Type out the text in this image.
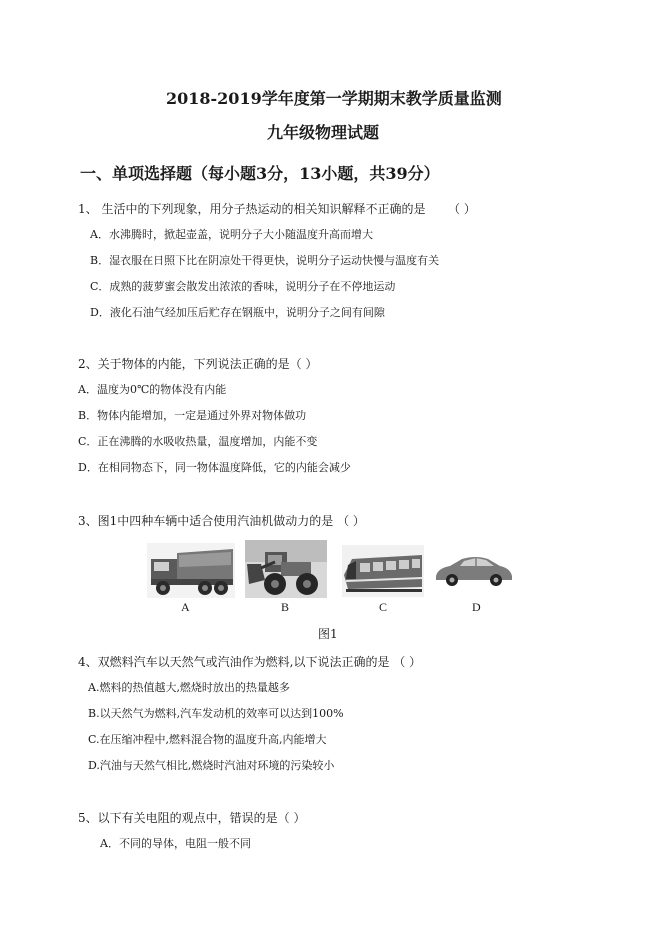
2018-2019学年度第一学期期末教学质量监测
九年级物理试题
一、单项选择题（每小题3分，13小题，共39分）
1、 生活中的下列现象，用分子热运动的相关知识解释不正确的是 （ ）
A．水沸腾时，掀起壶盖，说明分子大小随温度升高而增大
B．湿衣服在日照下比在阴凉处干得更快，说明分子运动快慢与温度有关
C．成熟的菠萝蜜会散发出浓浓的香味，说明分子在不停地运动
D．液化石油气经加压后贮存在钢瓶中，说明分子之间有间隙
2、关于物体的内能，下列说法正确的是（ ）
A．温度为0℃的物体没有内能
B．物体内能增加，一定是通过外界对物体做功
C．正在沸腾的水吸收热量，温度增加，内能不变
D．在相同物态下，同一物体温度降低，它的内能会减少
3、图1中四种车辆中适合使用汽油机做动力的是 （ ）
A	B	C	D
图1
4、双燃料汽车以天然气或汽油作为燃料,以下说法正确的是 （ ）
A.燃料的热值越大,燃烧时放出的热量越多
B.以天然气为燃料,汽车发动机的效率可以达到100%
C.在压缩冲程中,燃料混合物的温度升高,内能增大
D.汽油与天然气相比,燃烧时汽油对环境的污染较小
5、以下有关电阻的观点中，错误的是（ ）
A．不同的导体，电阻一般不同
